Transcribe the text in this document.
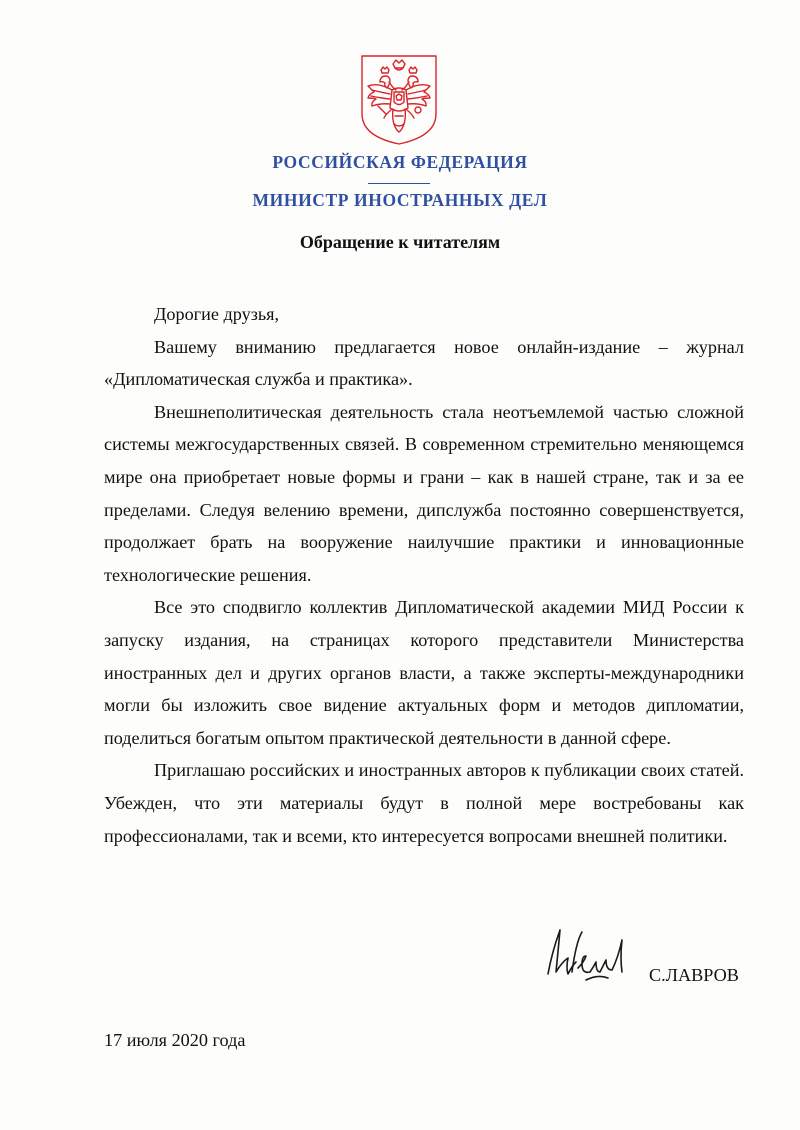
РОССИЙСКАЯ ФЕДЕРАЦИЯ
МИНИСТР ИНОСТРАННЫХ ДЕЛ
Обращение к читателям

Дорогие друзья,

Вашему вниманию предлагается новое онлайн-издание – журнал «Дипломатическая служба и практика».

Внешнеполитическая деятельность стала неотъемлемой частью сложной системы межгосударственных связей. В современном стремительно меняющемся мире она приобретает новые формы и грани – как в нашей стране, так и за ее пределами. Следуя велению времени, дипслужба постоянно совершенствуется, продолжает брать на вооружение наилучшие практики и инновационные технологические решения.

Все это сподвигло коллектив Дипломатической академии МИД России к запуску издания, на страницах которого представители Министерства иностранных дел и других органов власти, а также эксперты-международники могли бы изложить свое видение актуальных форм и методов дипломатии, поделиться богатым опытом практической деятельности в данной сфере.

Приглашаю российских и иностранных авторов к публикации своих статей. Убежден, что эти материалы будут в полной мере востребованы как профессионалами, так и всеми, кто интересуется вопросами внешней политики.

С.ЛАВРОВ
17 июля 2020 года
